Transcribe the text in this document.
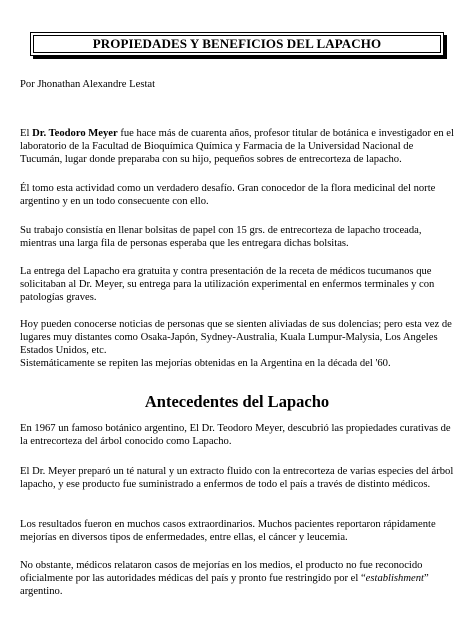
PROPIEDADES Y BENEFICIOS DEL LAPACHO

Por Jhonathan Alexandre Lestat

El Dr. Teodoro Meyer fue hace más de cuarenta años, profesor titular de botánica e investigador en el laboratorio de la Facultad de Bioquímica Química y Farmacia de la Universidad Nacional de Tucumán, lugar donde preparaba con su hijo, pequeños sobres de entrecorteza de lapacho.

Él tomo esta actividad como un verdadero desafío. Gran conocedor de la flora medicinal del norte argentino y en un todo consecuente con ello.

Su trabajo consistía en llenar bolsitas de papel con 15 grs. de entrecorteza de lapacho troceada, mientras una larga fila de personas esperaba que les entregara dichas bolsitas.

La entrega del Lapacho era gratuita y contra presentación de la receta de médicos tucumanos que solicitaban al Dr. Meyer, su entrega para la utilización experimental en enfermos terminales y con patologías graves.

Hoy pueden conocerse noticias de personas que se sienten aliviadas de sus dolencias; pero esta vez de lugares muy distantes como Osaka-Japón, Sydney-Australia, Kuala Lumpur-Malysia, Los Angeles Estados Unidos, etc.

Sistemáticamente se repiten las mejorías obtenidas en la Argentina en la década del '60.

Antecedentes del Lapacho

En 1967 un famoso botánico argentino, El Dr. Teodoro Meyer, descubrió las propiedades curativas de la entrecorteza del árbol conocido como Lapacho.

El Dr. Meyer preparó un té natural y un extracto fluido con la entrecorteza de varias especies del árbol lapacho, y ese producto fue suministrado a enfermos de todo el país a través de distinto médicos.

Los resultados fueron en muchos casos extraordinarios. Muchos pacientes reportaron rápidamente mejorías en diversos tipos de enfermedades, entre ellas, el cáncer y leucemia.

No obstante, médicos relataron casos de mejorías en los medios, el producto no fue reconocido oficialmente por las autoridades médicas del país y pronto fue restringido por el “establishment” argentino.
